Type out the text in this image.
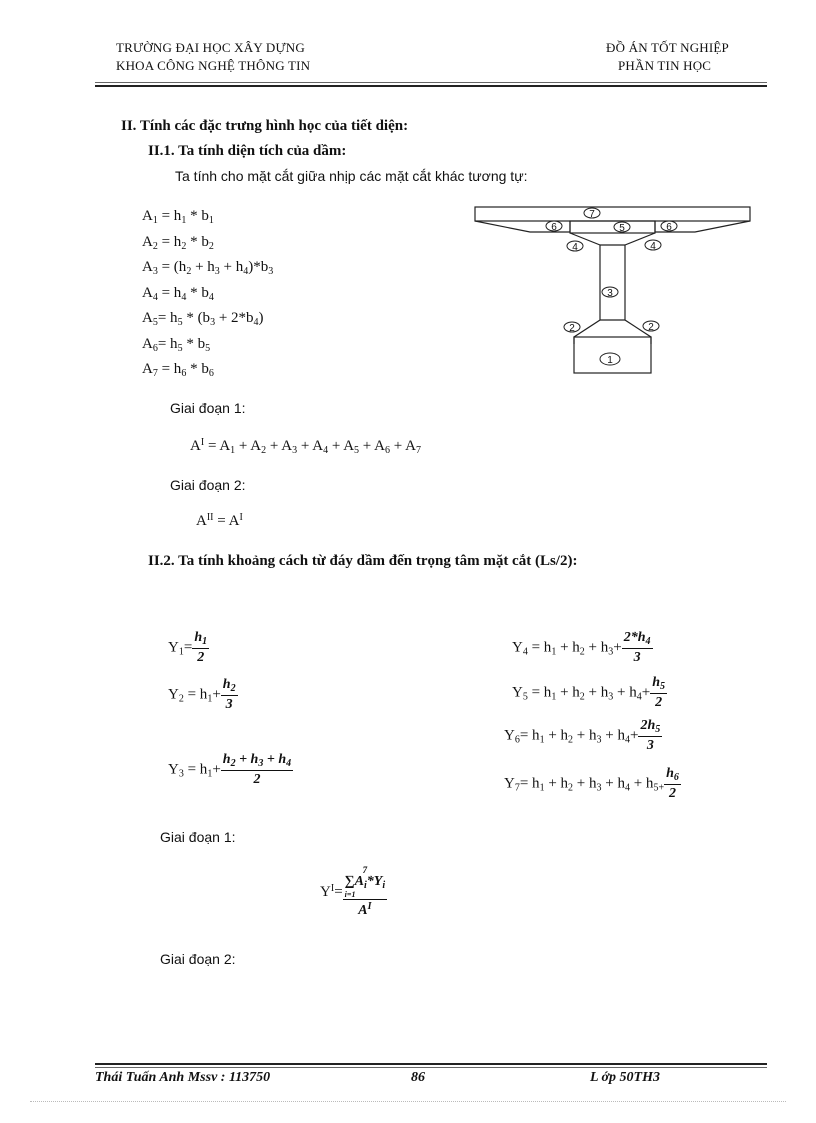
TRƯỜNG ĐẠI HỌC XÂY DỰNG
KHOA CÔNG NGHỆ THÔNG TIN
ĐỒ ÁN TỐT NGHIỆP
PHẦN TIN HỌC
II. Tính các đặc trưng hình học của tiết diện:
II.1. Ta tính diện tích của dầm:
Ta tính cho mặt cắt giữa nhịp các mặt cắt khác tương tự:
$A_1 = h_1 * b_1$
$A_2 = h_2 * b_2$
$A_3 = (h_2 + h_3 + h_4)*b_3$
$A_4 = h_4 * b_4$
$A_5= h_5 * (b_3 + 2*b_4)$
$A_6= h_5 * b_5$
$A_7 = h_6 * b_6$
7
6	5	6
4	4
3
2	2
1
Giai đoạn 1:
$A^I = A_1 + A_2 + A_3 + A_4 + A_5 + A_6 + A_7$
Giai đoạn 2:
$A^{II} = A^I$
II.2. Ta tính khoảng cách từ đáy dầm đến trọng tâm mặt cắt (Ls/2):
$Y_1= \frac{h_1}{2}$
$Y_2 = h_1+ \frac{h_2}{3}$
$Y_3 = h_1+ \frac{h_2 + h_3 + h_4}{2}$
$Y_4 = h_1 + h_2 + h_3+ \frac{2*h_4}{3}$
$Y_5 = h_1 + h_2 + h_3 + h_4+ \frac{h_5}{2}$
$Y_6= h_1 + h_2 + h_3 + h_4+ \frac{2h_5}{3}$
$Y_7= h_1 + h_2 + h_3 + h_4 + h_{5+} \frac{h_6}{2}$
Giai đoạn 1:
$Y^I= 7$
$\sum A_i*Y_i$
i=1
$A^I$
Giai đoạn 2:
Thái Tuấn Anh Mssv : 113750	86	L ớp 50TH3
